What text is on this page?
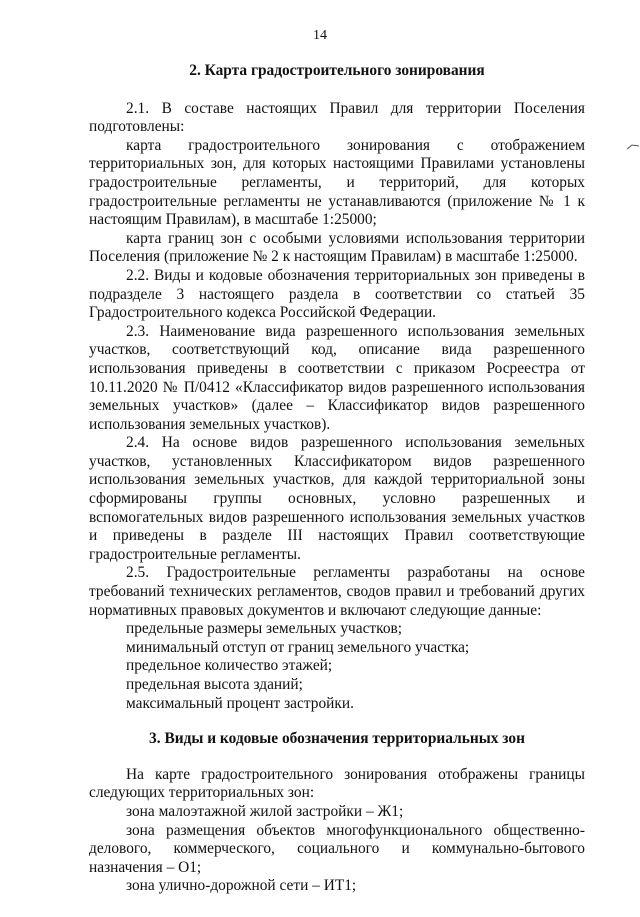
14
2. Карта градостроительного зонирования

2.1. В составе настоящих Правил для территории Поселения подготовлены:

карта градостроительного зонирования с отображением территориальных зон, для которых настоящими Правилами установлены градостроительные регламенты, и территорий, для которых градостроительные регламенты не устанавливаются (приложение № 1 к настоящим Правилам), в масштабе 1:25000;

карта границ зон с особыми условиями использования территории Поселения (приложение № 2 к настоящим Правилам) в масштабе 1:25000.

2.2. Виды и кодовые обозначения территориальных зон приведены в подразделе 3 настоящего раздела в соответствии со статьей 35 Градостроительного кодекса Российской Федерации.

2.3. Наименование вида разрешенного использования земельных участков, соответствующий код, описание вида разрешенного использования приведены в соответствии с приказом Росреестра от 10.11.2020 № П/0412 «Классификатор видов разрешенного использования земельных участков» (далее – Классификатор видов разрешенного использования земельных участков).

2.4. На основе видов разрешенного использования земельных участков, установленных Классификатором видов разрешенного использования земельных участков, для каждой территориальной зоны сформированы группы основных, условно разрешенных и вспомогательных видов разрешенного использования земельных участков и приведены в разделе III настоящих Правил соответствующие градостроительные регламенты.

2.5. Градостроительные регламенты разработаны на основе требований технических регламентов, сводов правил и требований других нормативных правовых документов и включают следующие данные:

предельные размеры земельных участков;
минимальный отступ от границ земельного участка;
предельное количество этажей;
предельная высота зданий;
максимальный процент застройки.
3. Виды и кодовые обозначения территориальных зон

На карте градостроительного зонирования отображены границы следующих территориальных зон:

зона малоэтажной жилой застройки – Ж1;

зона размещения объектов многофункционального общественно-делового, коммерческого, социального и коммунально-бытового назначения – О1;

зона улично-дорожной сети – ИТ1;
